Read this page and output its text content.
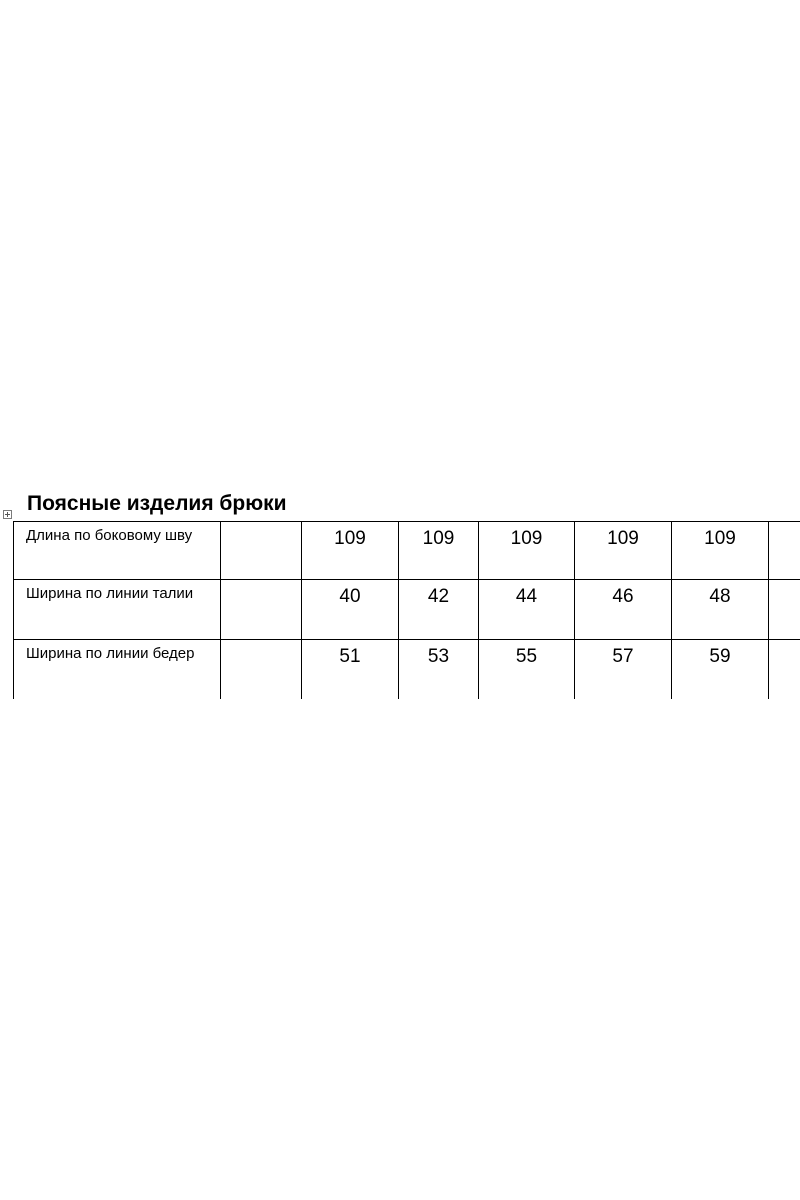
Поясные изделия брюки
Длина по боковому шву		109	109	109	109	109	
Ширина по линии талии		40	42	44	46	48	
Ширина по линии бедер		51	53	55	57	59	
